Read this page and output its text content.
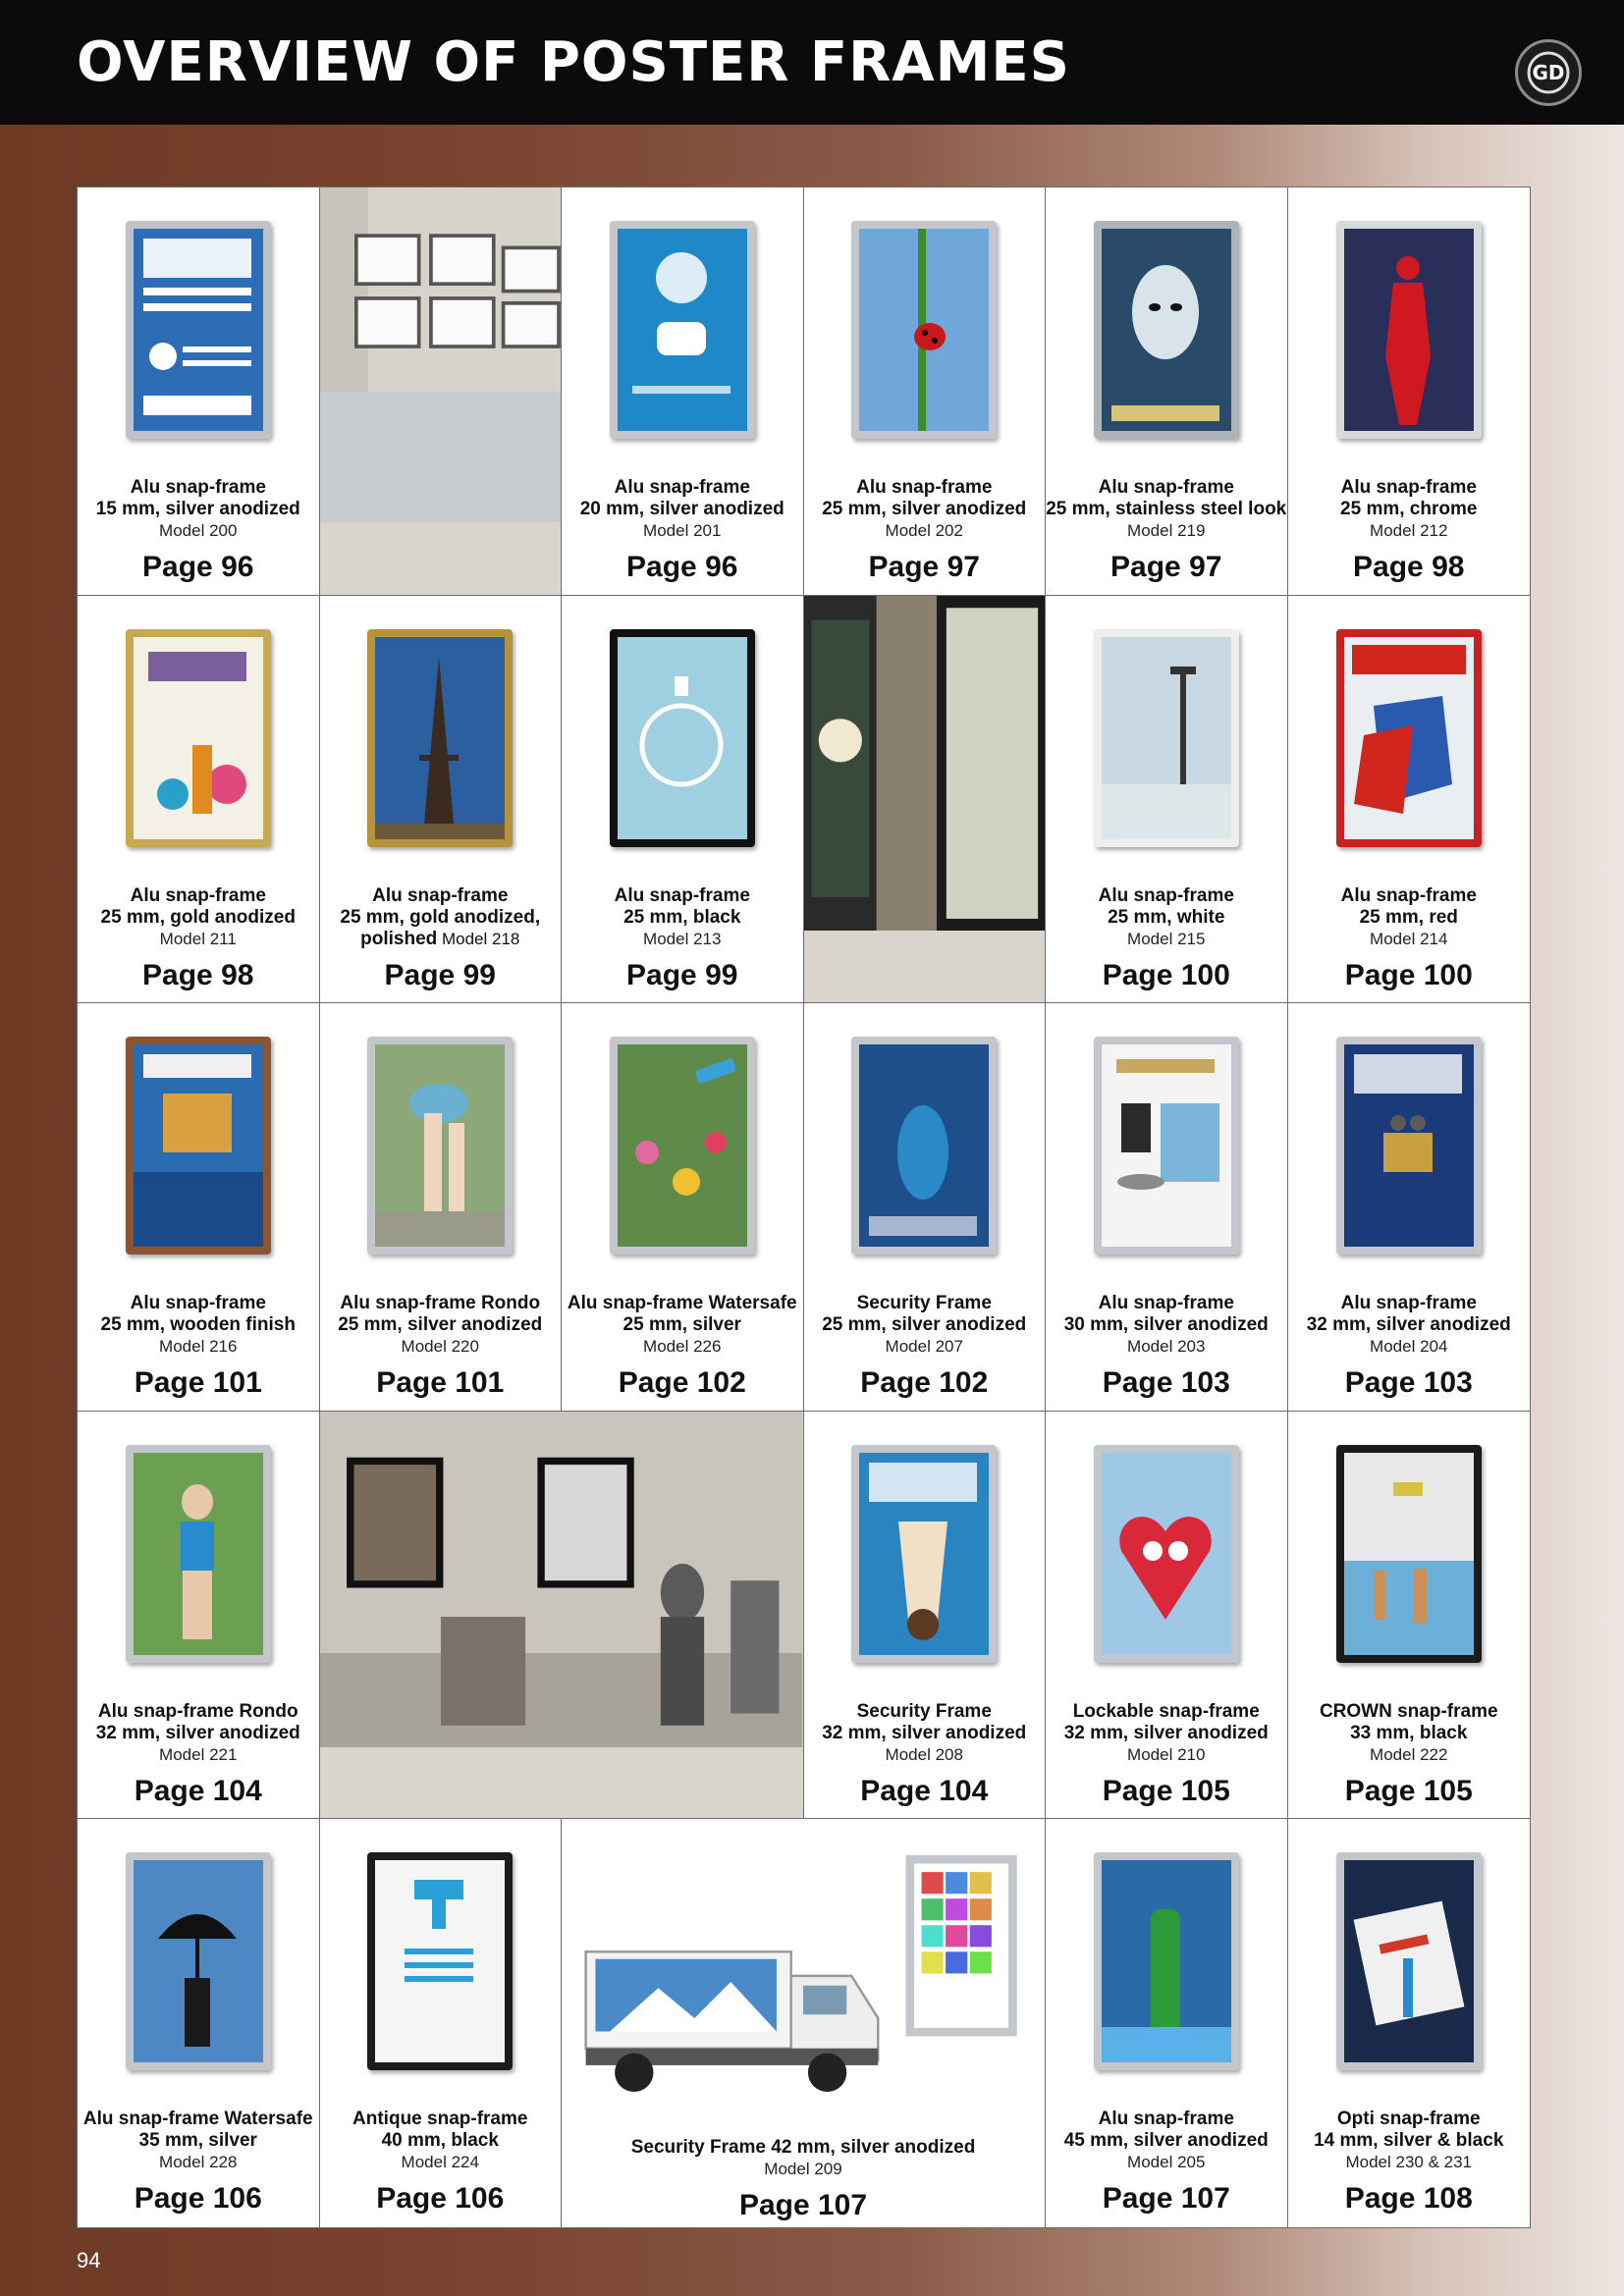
OVERVIEW OF POSTER FRAMES	GD
Alu snap-frame
15 mm, silver anodized
Model 200
Page 96
Alu snap-frame
20 mm, silver anodized
Model 201
Page 96
Alu snap-frame
25 mm, silver anodized
Model 202
Page 97
Alu snap-frame
25 mm, stainless steel look
Model 219
Page 97
Alu snap-frame
25 mm, chrome
Model 212
Page 98
Alu snap-frame
25 mm, gold anodized
Model 211
Page 98
Alu snap-frame
25 mm, gold anodized,
polished Model 218
Page 99
Alu snap-frame
25 mm, black
Model 213
Page 99
Alu snap-frame
25 mm, white
Model 215
Page 100
Alu snap-frame
25 mm, red
Model 214
Page 100
Alu snap-frame
25 mm, wooden finish
Model 216
Page 101
Alu snap-frame Rondo
25 mm, silver anodized
Model 220
Page 101
Alu snap-frame Watersafe
25 mm, silver
Model 226
Page 102
Security Frame
25 mm, silver anodized
Model 207
Page 102
Alu snap-frame
30 mm, silver anodized
Model 203
Page 103
Alu snap-frame
32 mm, silver anodized
Model 204
Page 103
Alu snap-frame Rondo
32 mm, silver anodized
Model 221
Page 104
Security Frame
32 mm, silver anodized
Model 208
Page 104
Lockable snap-frame
32 mm, silver anodized
Model 210
Page 105
CROWN snap-frame
33 mm, black
Model 222
Page 105
Alu snap-frame Watersafe
35 mm, silver
Model 228
Page 106
Antique snap-frame
40 mm, black
Model 224
Page 106
Security Frame 42 mm, silver anodized
Model 209
Page 107
Alu snap-frame
45 mm, silver anodized
Model 205
Page 107
Opti snap-frame
14 mm, silver & black
Model 230 & 231
Page 108
94
